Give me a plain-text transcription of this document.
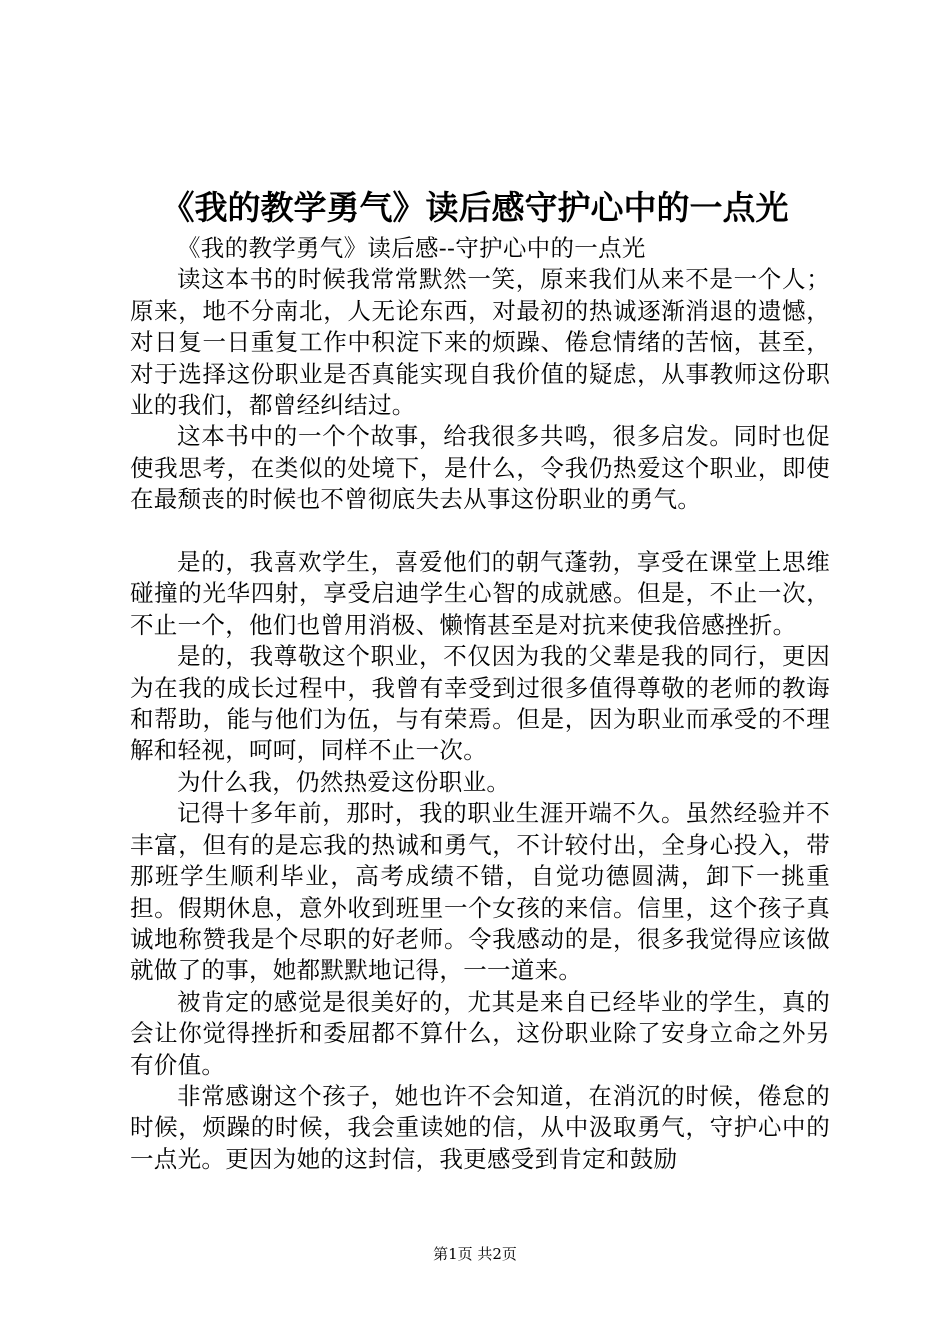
《我的教学勇气》读后感守护心中的一点光

《我的教学勇气》读后感--守护心中的一点光

读这本书的时候我常常默然一笑，原来我们从来不是一个人；原来，地不分南北，人无论东西，对最初的热诚逐渐消退的遗憾，对日复一日重复工作中积淀下来的烦躁、倦怠情绪的苦恼，甚至，对于选择这份职业是否真能实现自我价值的疑虑，从事教师这份职业的我们，都曾经纠结过。

这本书中的一个个故事，给我很多共鸣，很多启发。同时也促使我思考，在类似的处境下，是什么，令我仍热爱这个职业，即使在最颓丧的时候也不曾彻底失去从事这份职业的勇气。

是的，我喜欢学生，喜爱他们的朝气蓬勃，享受在课堂上思维碰撞的光华四射，享受启迪学生心智的成就感。但是，不止一次，不止一个，他们也曾用消极、懒惰甚至是对抗来使我倍感挫折。

是的，我尊敬这个职业，不仅因为我的父辈是我的同行，更因为在我的成长过程中，我曾有幸受到过很多值得尊敬的老师的教诲和帮助，能与他们为伍，与有荣焉。但是，因为职业而承受的不理解和轻视，呵呵，同样不止一次。

为什么我，仍然热爱这份职业。

记得十多年前，那时，我的职业生涯开端不久。虽然经验并不丰富，但有的是忘我的热诚和勇气，不计较付出，全身心投入，带那班学生顺利毕业，高考成绩不错，自觉功德圆满，卸下一挑重担。假期休息，意外收到班里一个女孩的来信。信里，这个孩子真诚地称赞我是个尽职的好老师。令我感动的是，很多我觉得应该做就做了的事，她都默默地记得，一一道来。

被肯定的感觉是很美好的，尤其是来自已经毕业的学生，真的会让你觉得挫折和委屈都不算什么，这份职业除了安身立命之外另有价值。

非常感谢这个孩子，她也许不会知道，在消沉的时候，倦怠的时候，烦躁的时候，我会重读她的信，从中汲取勇气，守护心中的一点光。更因为她的这封信，我更感受到肯定和鼓励

第1页 共2页
